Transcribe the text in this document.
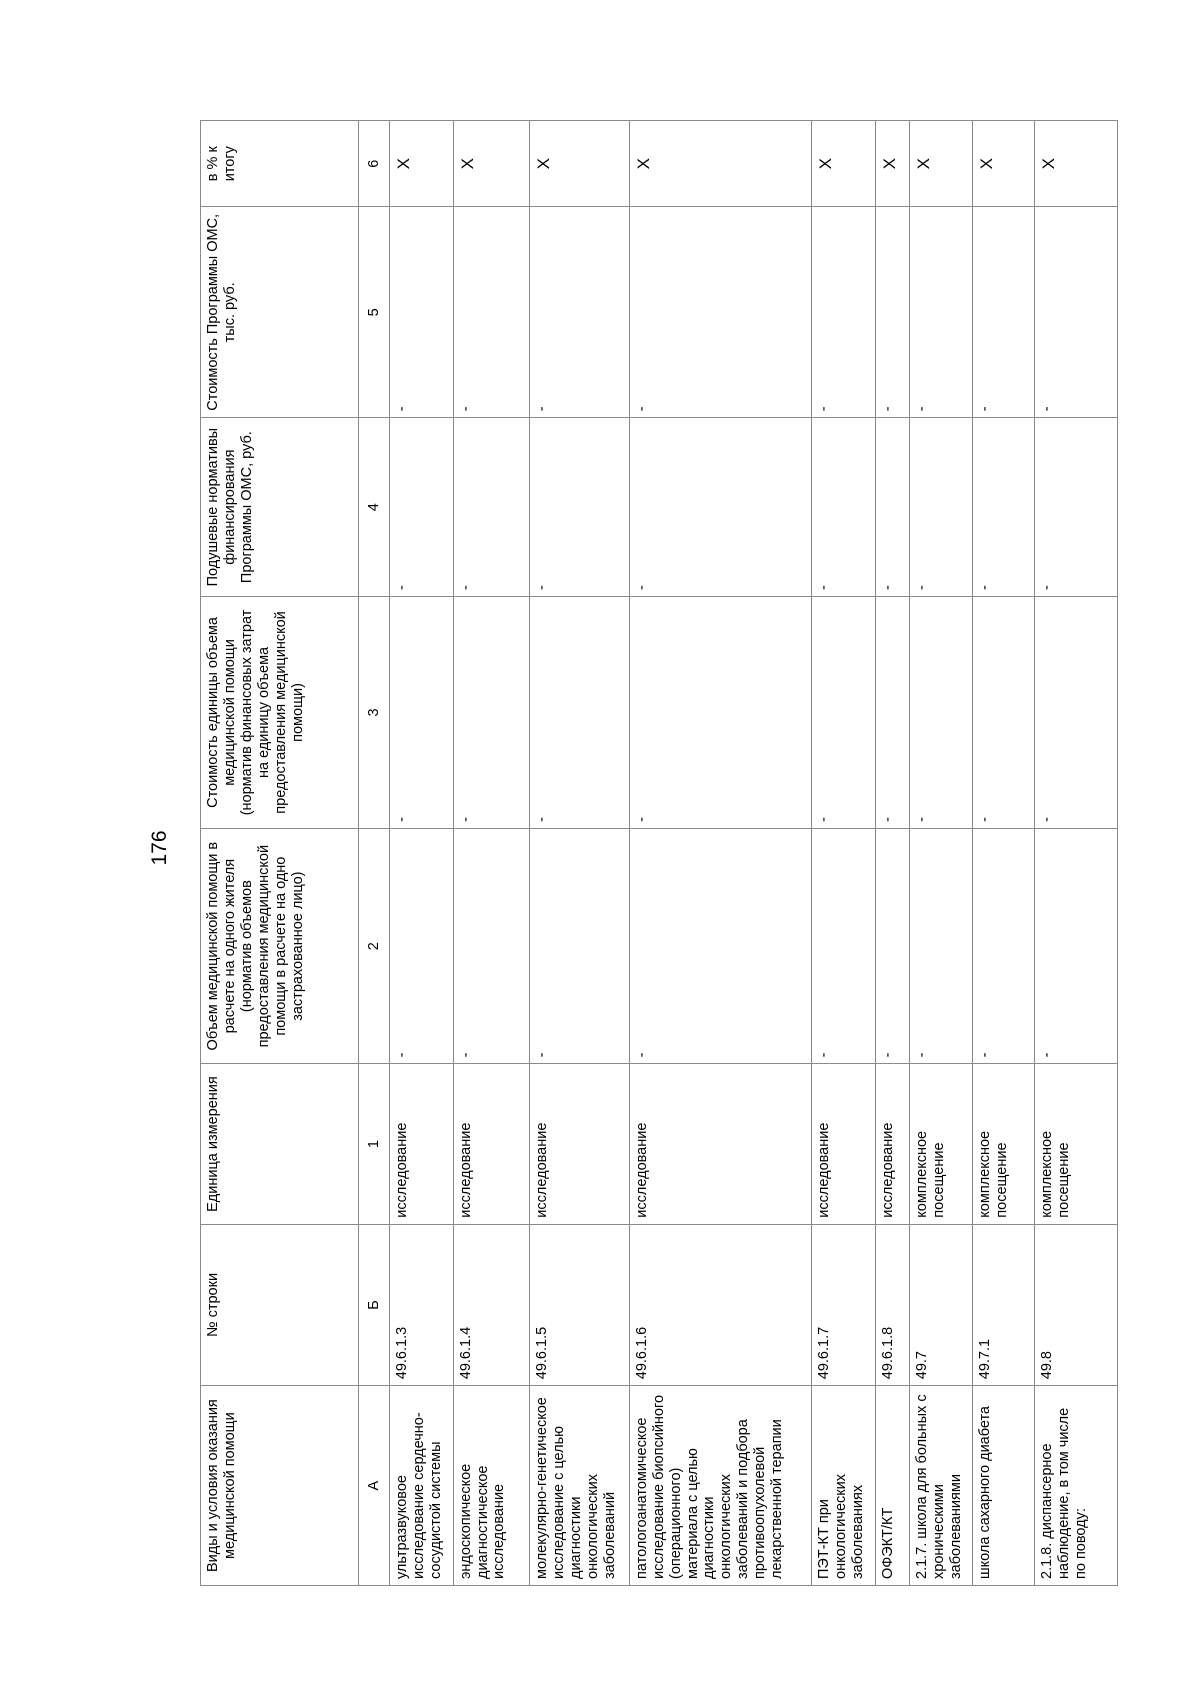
176
Виды и условия оказания медицинской помощи	№ строки	Единица измерения	Объем медицинской помощи в расчете на одного жителя (норматив объемов предоставления медицинской помощи в расчете на одно застрахованное лицо)	Стоимость единицы объема медицинской помощи (норматив финансовых затрат на единицу объема предоставления медицинской помощи)	Подушевые нормативы финансирования Программы ОМС, руб.	Стоимость Программы ОМС, тыс. руб.	в % к итогу
А	Б	1	2	3	4	5	6
ультразвуковое исследование сердечно-сосудистой системы	49.6.1.3	исследование	-	-	-	-	X
эндоскопическое диагностическое исследование	49.6.1.4	исследование	-	-	-	-	X
молекулярно-генетическое исследование с целью диагностики онкологических заболеваний	49.6.1.5	исследование	-	-	-	-	X
патологоанатомическое исследование биопсийного (операционного) материала с целью диагностики онкологических заболеваний и подбора противоопухолевой лекарственной терапии	49.6.1.6	исследование	-	-	-	-	X
ПЭТ-КТ при онкологических заболеваниях	49.6.1.7	исследование	-	-	-	-	X
ОФЭКТ/КТ	49.6.1.8	исследование	-	-	-	-	X
2.1.7. школа для больных с хроническими заболеваниями	49.7	комплексное посещение	-	-	-	-	X
школа сахарного диабета	49.7.1	комплексное посещение	-	-	-	-	X
2.1.8. диспансерное наблюдение, в том числе по поводу:	49.8	комплексное посещение	-	-	-	-	X
